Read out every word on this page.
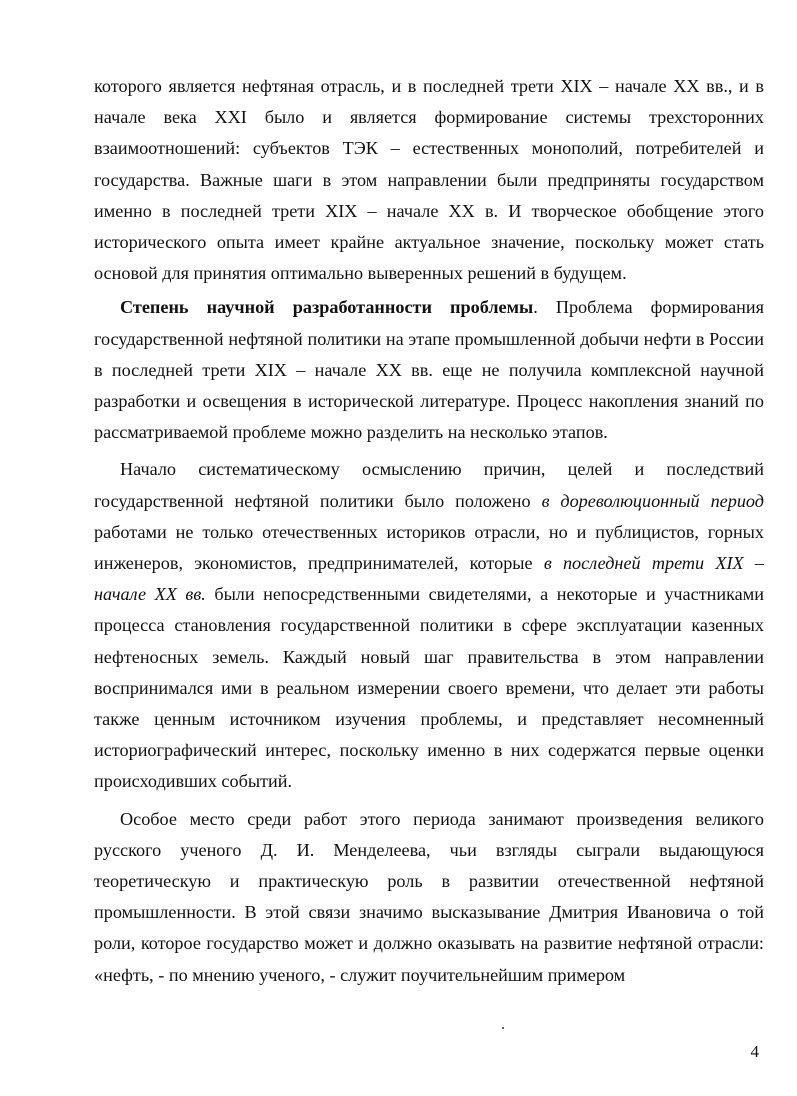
которого является нефтяная отрасль, и в последней трети XIX – начале XX вв., и в начале века XXI было и является формирование системы трехсторонних взаимоотношений: субъектов ТЭК – естественных монополий, потребителей и государства. Важные шаги в этом направлении были предприняты государством именно в последней трети XIX – начале XX в. И творческое обобщение этого исторического опыта имеет крайне актуальное значение, поскольку может стать основой для принятия оптимально выверенных решений в будущем.

Степень научной разработанности проблемы. Проблема формирования государственной нефтяной политики на этапе промышленной добычи нефти в России в последней трети XIX – начале XX вв. еще не получила комплексной научной разработки и освещения в исторической литературе. Процесс накопления знаний по рассматриваемой проблеме можно разделить на несколько этапов.

Начало систематическому осмыслению причин, целей и последствий государственной нефтяной политики было положено в дореволюционный период работами не только отечественных историков отрасли, но и публицистов, горных инженеров, экономистов, предпринимателей, которые в последней трети XIX – начале XX вв. были непосредственными свидетелями, а некоторые и участниками процесса становления государственной политики в сфере эксплуатации казенных нефтеносных земель. Каждый новый шаг правительства в этом направлении воспринимался ими в реальном измерении своего времени, что делает эти работы также ценным источником изучения проблемы, и представляет несомненный историографический интерес, поскольку именно в них содержатся первые оценки происходивших событий.

Особое место среди работ этого периода занимают произведения великого русского ученого Д. И. Менделеева, чьи взгляды сыграли выдающуюся теоретическую и практическую роль в развитии отечественной нефтяной промышленности. В этой связи значимо высказывание Дмитрия Ивановича о той роли, которое государство может и должно оказывать на развитие нефтяной отрасли: «нефть, - по мнению ученого, - служит поучительнейшим примером

4
